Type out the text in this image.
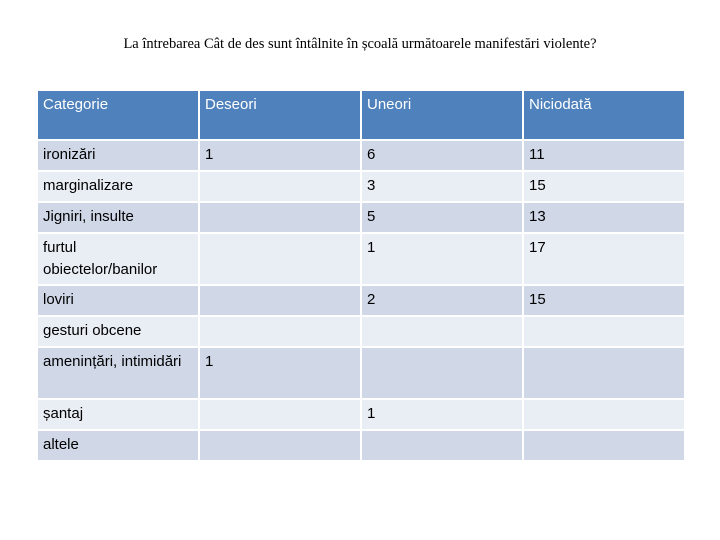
La întrebarea Cât de des sunt întâlnite în școală următoarele manifestări violente?
Categorie	Deseori	Uneori	Niciodată
ironizări	1	6	11
marginalizare		3	15
Jigniri, insulte		5	13
furtul obiectelor/banilor		1	17
loviri		2	15
gesturi obcene			
amenințări, intimidări	1		
șantaj		1	
altele			
